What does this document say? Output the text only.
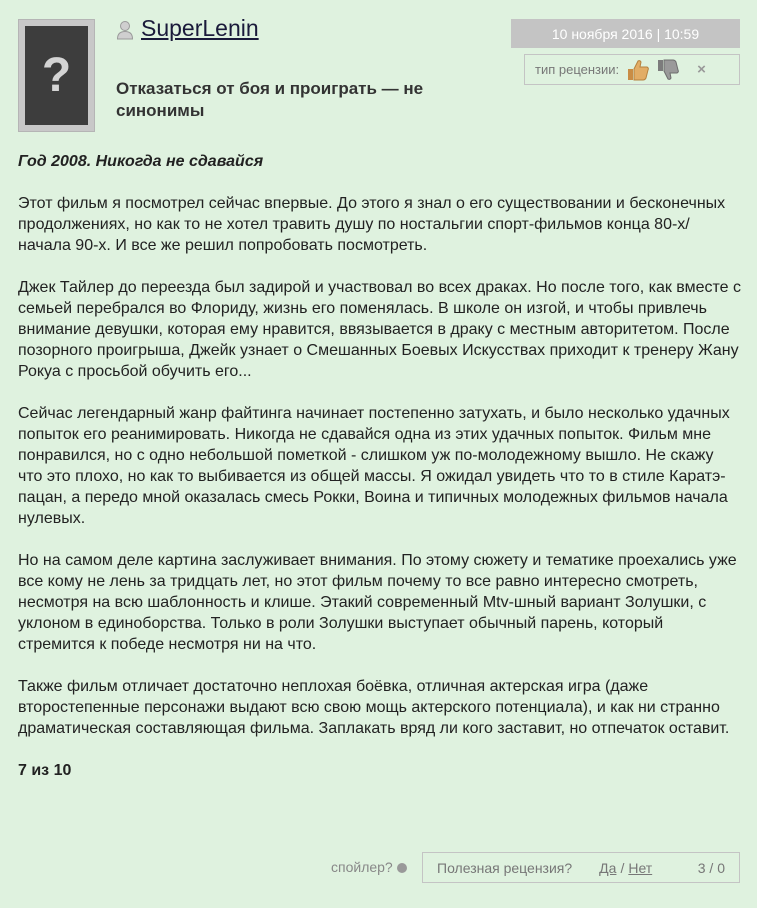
?
SuperLenin
Отказаться от боя и проиграть — не синонимы
10 ноября 2016 | 10:59
тип рецензии:	×

Год 2008. Никогда не сдавайся

Этот фильм я посмотрел сейчас впервые. До этого я знал о его существовании и бесконечных продолжениях, но как то не хотел травить душу по ностальгии спорт-фильмов конца 80-х/начала 90-х. И все же решил попробовать посмотреть.

Джек Тайлер до переезда был задирой и участвовал во всех драках. Но после того, как вместе с семьей перебрался во Флориду, жизнь его поменялась. В школе он изгой, и чтобы привлечь внимание девушки, которая ему нравится, ввязывается в драку с местным авторитетом. После позорного проигрыша, Джейк узнает о Смешанных Боевых Искусствах приходит к тренеру Жану Рокуа с просьбой обучить его...

Сейчас легендарный жанр файтинга начинает постепенно затухать, и было несколько удачных попыток его реанимировать. Никогда не сдавайся одна из этих удачных попыток. Фильм мне понравился, но с одно небольшой пометкой - слишком уж по-молодежному вышло. Не скажу что это плохо, но как то выбивается из общей массы. Я ожидал увидеть что то в стиле Каратэ-пацан, а передо мной оказалась смесь Рокки, Воина и типичных молодежных фильмов начала нулевых.

Но на самом деле картина заслуживает внимания. По этому сюжету и тематике проехались уже все кому не лень за тридцать лет, но этот фильм почему то все равно интересно смотреть, несмотря на всю шаблонность и клише. Этакий современный Mtv-шный вариант Золушки, с уклоном в единоборства. Только в роли Золушки выступает обычный парень, который стремится к победе несмотря ни на что.

Также фильм отличает достаточно неплохая боёвка, отличная актерская игра (даже второстепенные персонажи выдают всю свою мощь актерского потенциала), и как ни странно драматическая составляющая фильма. Заплакать вряд ли кого заставит, но отпечаток оставит.

7 из 10

спойлер?	Полезная рецензия? Да / Нет	3 / 0
